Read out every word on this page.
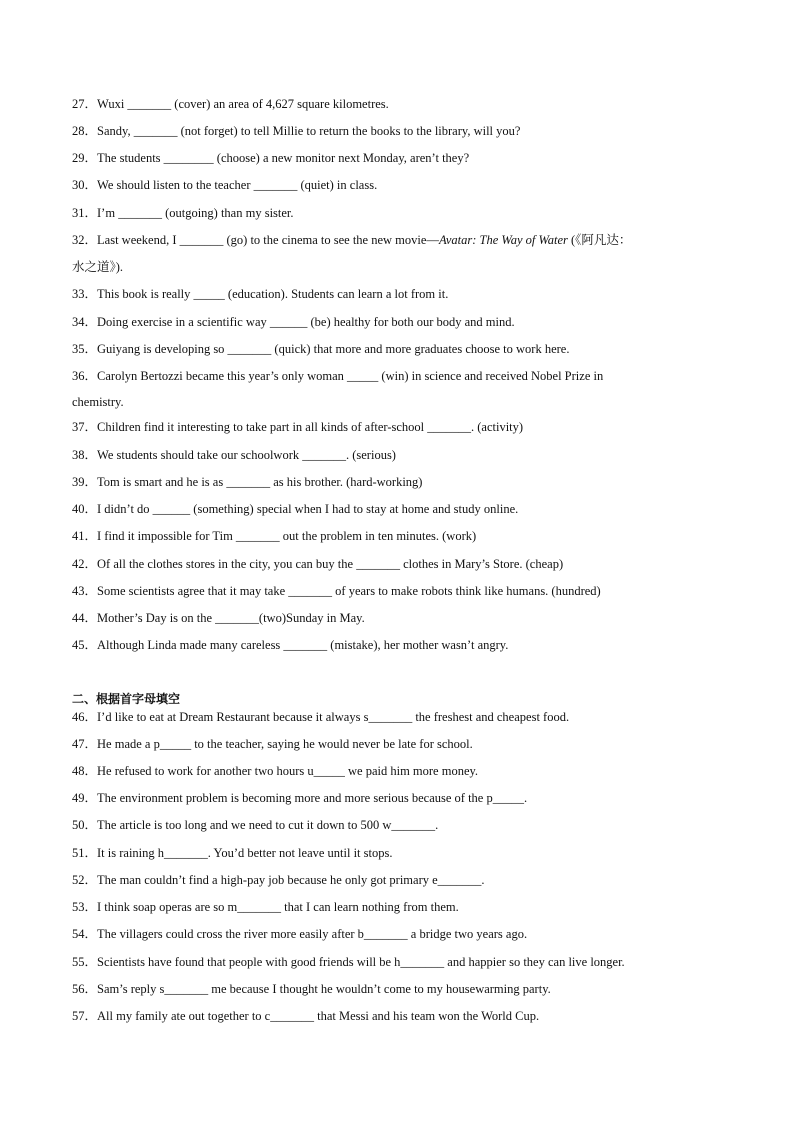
27．Wuxi _______ (cover) an area of 4,627 square kilometres.
28．Sandy, _______ (not forget) to tell Millie to return the books to the library, will you?
29．The students ________ (choose) a new monitor next Monday, aren’t they?
30．We should listen to the teacher _______ (quiet) in class.
31．I’m _______ (outgoing) than my sister.
32．Last weekend, I _______ (go) to the cinema to see the new movie—Avatar: The Way of Water (《阿凡达：
水之道》).
33．This book is really _____ (education). Students can learn a lot from it.
34．Doing exercise in a scientific way ______ (be) healthy for both our body and mind.
35．Guiyang is developing so _______ (quick) that more and more graduates choose to work here.
36．Carolyn Bertozzi became this year’s only woman _____ (win) in science and received Nobel Prize in
chemistry.
37．Children find it interesting to take part in all kinds of after-school _______. (activity)
38．We students should take our schoolwork _______. (serious)
39．Tom is smart and he is as _______ as his brother. (hard-working)
40．I didn’t do ______ (something) special when I had to stay at home and study online.
41．I find it impossible for Tim _______ out the problem in ten minutes. (work)
42．Of all the clothes stores in the city, you can buy the _______ clothes in Mary’s Store. (cheap)
43．Some scientists agree that it may take _______ of years to make robots think like humans. (hundred)
44．Mother’s Day is on the _______(two)Sunday in May.
45．Although Linda made many careless _______ (mistake), her mother wasn’t angry.
二、根据首字母填空
46．I’d like to eat at Dream Restaurant because it always s_______ the freshest and cheapest food.
47．He made a p_____ to the teacher, saying he would never be late for school.
48．He refused to work for another two hours u_____ we paid him more money.
49．The environment problem is becoming more and more serious because of the p_____.
50．The article is too long and we need to cut it down to 500 w_______.
51．It is raining h_______. You’d better not leave until it stops.
52．The man couldn’t find a high-pay job because he only got primary e_______.
53．I think soap operas are so m_______ that I can learn nothing from them.
54．The villagers could cross the river more easily after b_______ a bridge two years ago.
55．Scientists have found that people with good friends will be h_______ and happier so they can live longer.
56．Sam’s reply s_______ me because I thought he wouldn’t come to my housewarming party.
57．All my family ate out together to c_______ that Messi and his team won the World Cup.
